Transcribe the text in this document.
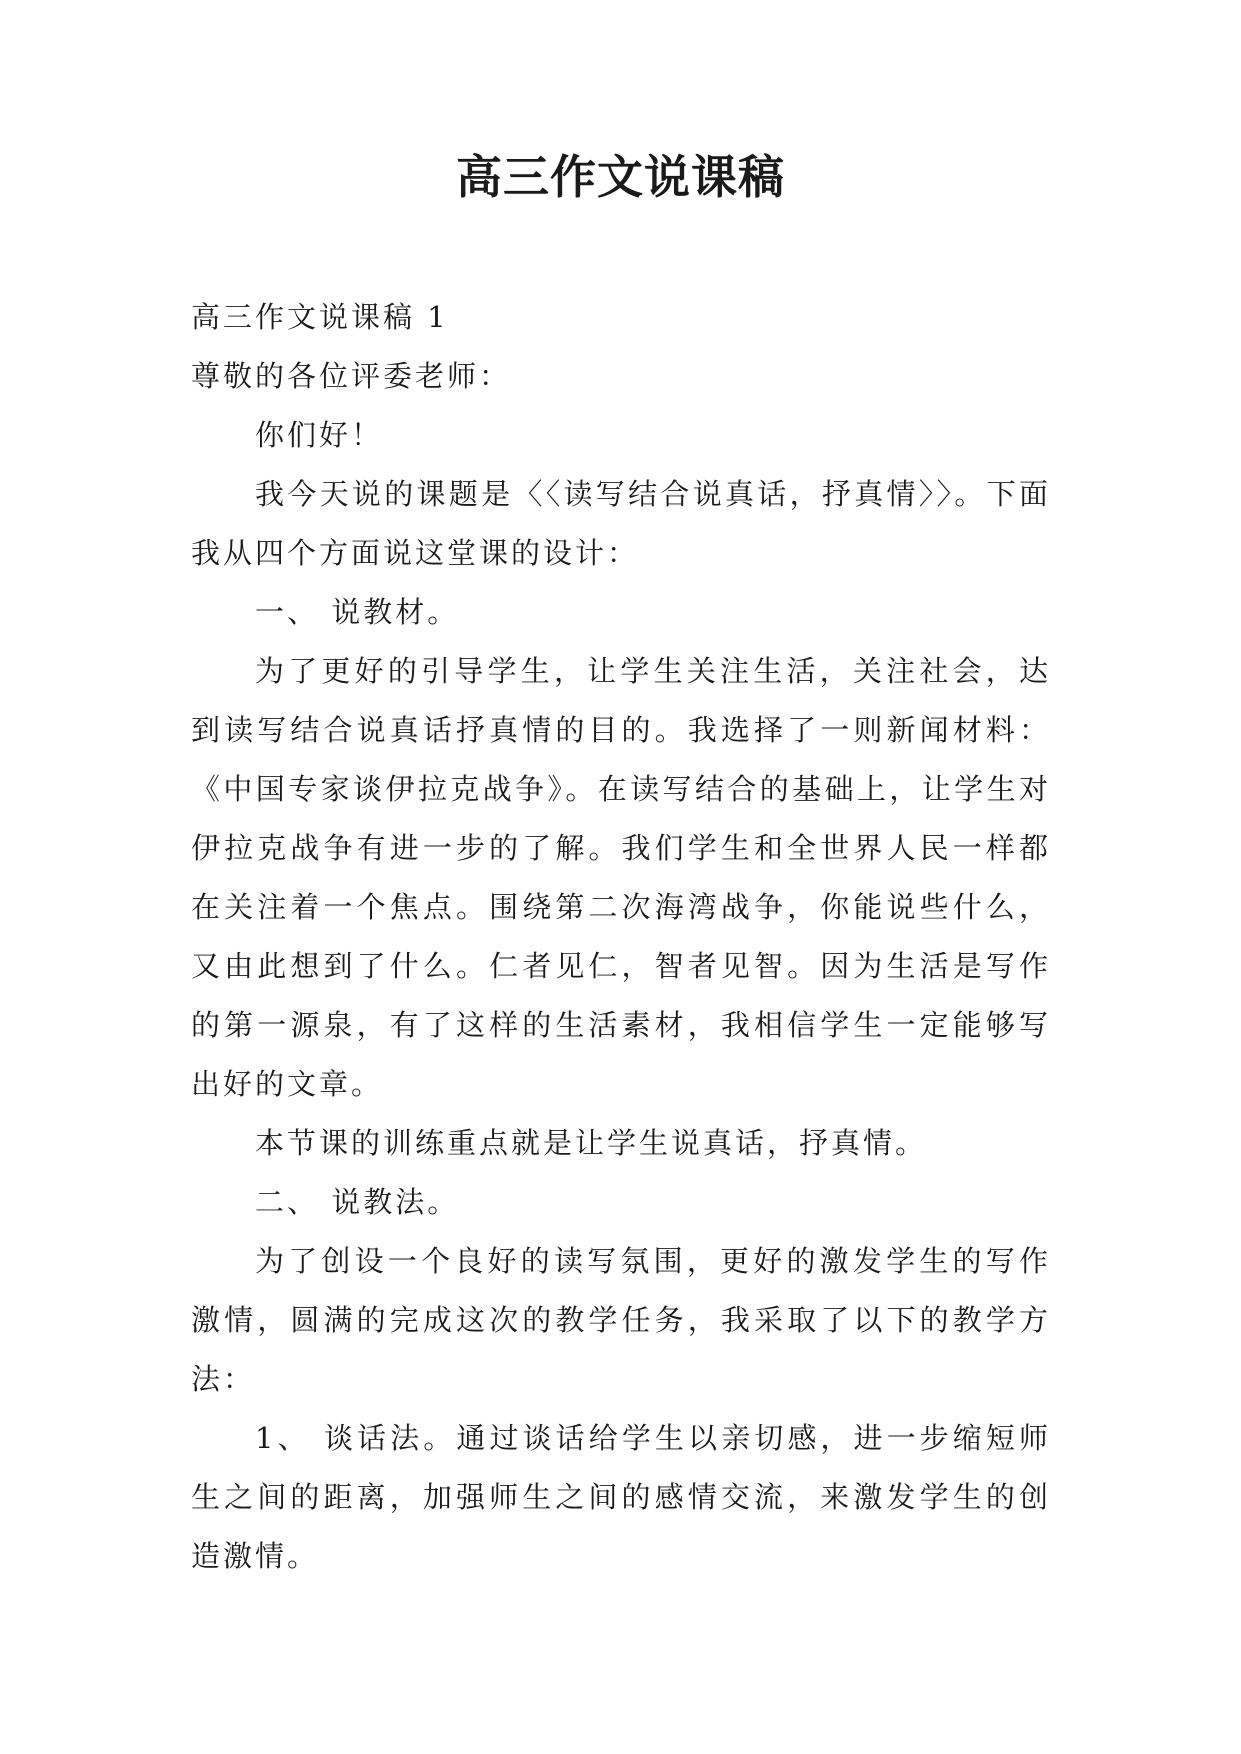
高三作文说课稿

高三作文说课稿 1

尊敬的各位评委老师：

你们好！

我今天说的课题是〈〈读写结合说真话，抒真情〉〉。下面我从四个方面说这堂课的设计：

一、 说教材。

为了更好的引导学生，让学生关注生活，关注社会，达到读写结合说真话抒真情的目的。我选择了一则新闻材料：《中国专家谈伊拉克战争》。在读写结合的基础上，让学生对伊拉克战争有进一步的了解。我们学生和全世界人民一样都在关注着一个焦点。围绕第二次海湾战争，你能说些什么，又由此想到了什么。仁者见仁，智者见智。因为生活是写作的第一源泉，有了这样的生活素材，我相信学生一定能够写出好的文章。

本节课的训练重点就是让学生说真话，抒真情。

二、 说教法。

为了创设一个良好的读写氛围，更好的激发学生的写作激情，圆满的完成这次的教学任务，我采取了以下的教学方法：

1、 谈话法。通过谈话给学生以亲切感，进一步缩短师生之间的距离，加强师生之间的感情交流，来激发学生的创造激情。
